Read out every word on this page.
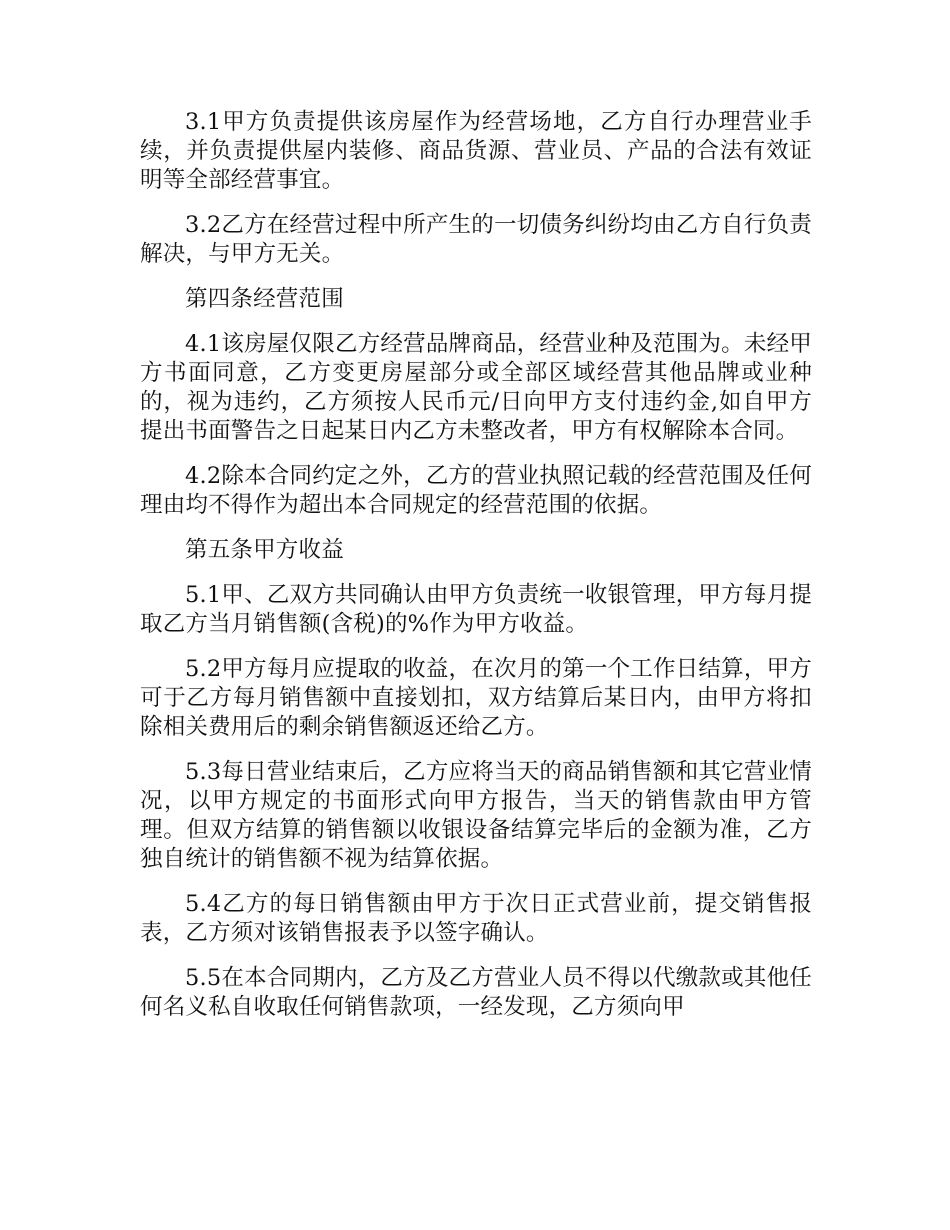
3.1甲方负责提供该房屋作为经营场地，乙方自行办理营业手续，并负责提供屋内装修、商品货源、营业员、产品的合法有效证明等全部经营事宜。

3.2乙方在经营过程中所产生的一切债务纠纷均由乙方自行负责解决，与甲方无关。

第四条经营范围

4.1该房屋仅限乙方经营品牌商品，经营业种及范围为。未经甲方书面同意，乙方变更房屋部分或全部区域经营其他品牌或业种的，视为违约，乙方须按人民币元/日向甲方支付违约金,如自甲方提出书面警告之日起某日内乙方未整改者，甲方有权解除本合同。

4.2除本合同约定之外，乙方的营业执照记载的经营范围及任何理由均不得作为超出本合同规定的经营范围的依据。

第五条甲方收益

5.1甲、乙双方共同确认由甲方负责统一收银管理，甲方每月提取乙方当月销售额(含税)的%作为甲方收益。

5.2甲方每月应提取的收益，在次月的第一个工作日结算，甲方可于乙方每月销售额中直接划扣，双方结算后某日内，由甲方将扣除相关费用后的剩余销售额返还给乙方。

5.3每日营业结束后，乙方应将当天的商品销售额和其它营业情况，以甲方规定的书面形式向甲方报告，当天的销售款由甲方管理。但双方结算的销售额以收银设备结算完毕后的金额为准，乙方独自统计的销售额不视为结算依据。

5.4乙方的每日销售额由甲方于次日正式营业前，提交销售报表，乙方须对该销售报表予以签字确认。

5.5在本合同期内，乙方及乙方营业人员不得以代缴款或其他任何名义私自收取任何销售款项，一经发现，乙方须向甲
